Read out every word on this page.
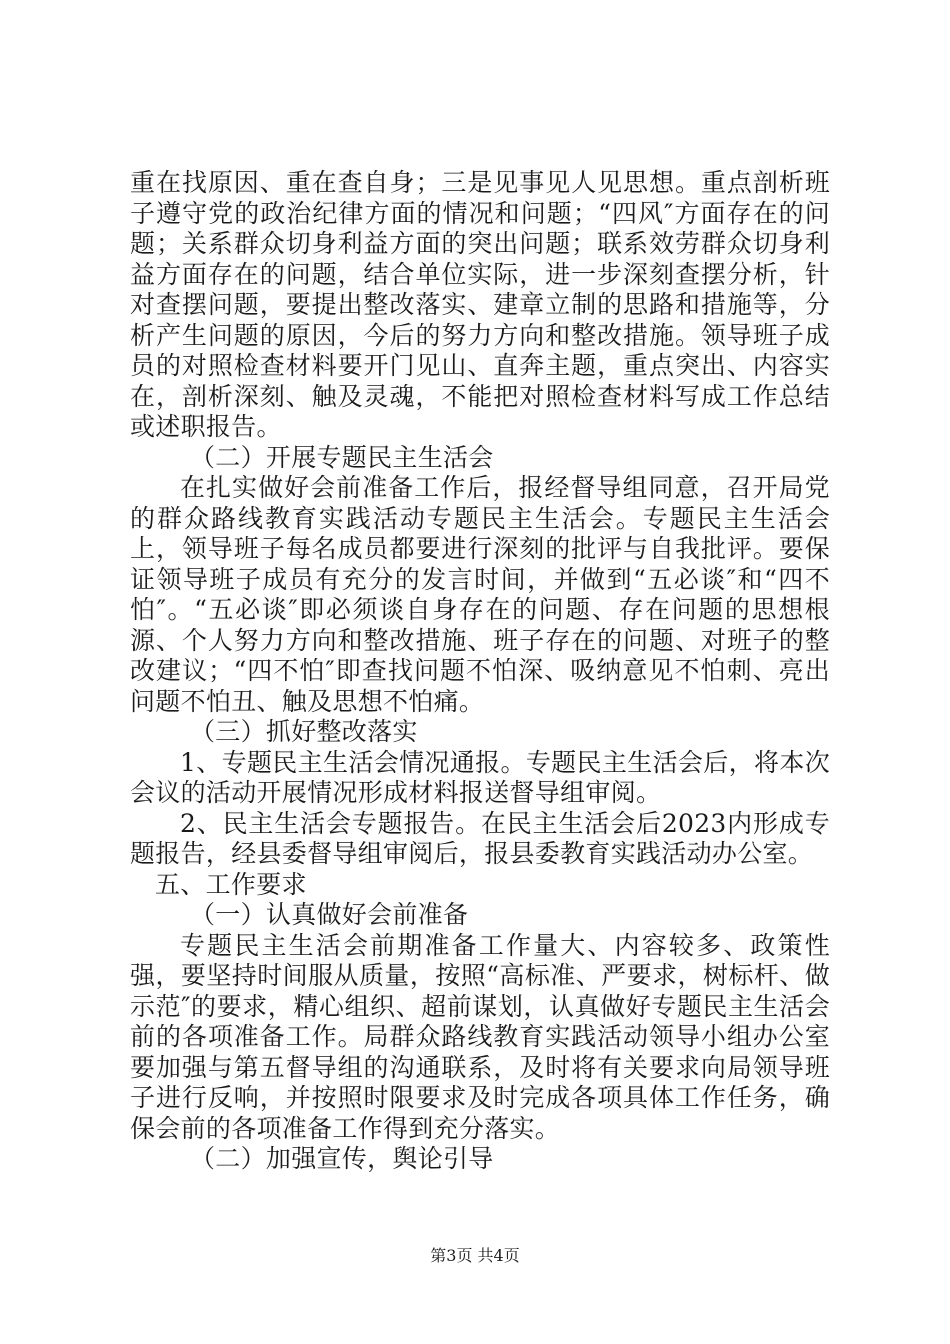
重在找原因、重在查自身；三是见事见人见思想。重点剖析班子遵守党的政治纪律方面的情况和问题；“四风″方面存在的问题；关系群众切身利益方面的突出问题；联系效劳群众切身利益方面存在的问题，结合单位实际，进一步深刻查摆分析，针对查摆问题，要提出整改落实、建章立制的思路和措施等，分析产生问题的原因，今后的努力方向和整改措施。领导班子成员的对照检查材料要开门见山、直奔主题，重点突出、内容实在，剖析深刻、触及灵魂，不能把对照检查材料写成工作总结或述职报告。

（二）开展专题民主生活会

在扎实做好会前准备工作后，报经督导组同意，召开局党的群众路线教育实践活动专题民主生活会。专题民主生活会上，领导班子每名成员都要进行深刻的批评与自我批评。要保证领导班子成员有充分的发言时间，并做到“五必谈″和“四不怕″。“五必谈″即必须谈自身存在的问题、存在问题的思想根源、个人努力方向和整改措施、班子存在的问题、对班子的整改建议；“四不怕″即查找问题不怕深、吸纳意见不怕刺、亮出问题不怕丑、触及思想不怕痛。

（三）抓好整改落实

1、专题民主生活会情况通报。专题民主生活会后，将本次会议的活动开展情况形成材料报送督导组审阅。

2、民主生活会专题报告。在民主生活会后2023内形成专题报告，经县委督导组审阅后，报县委教育实践活动办公室。

五、工作要求

（一）认真做好会前准备

专题民主生活会前期准备工作量大、内容较多、政策性强，要坚持时间服从质量，按照“高标准、严要求，树标杆、做示范″的要求，精心组织、超前谋划，认真做好专题民主生活会前的各项准备工作。局群众路线教育实践活动领导小组办公室要加强与第五督导组的沟通联系，及时将有关要求向局领导班子进行反响，并按照时限要求及时完成各项具体工作任务，确保会前的各项准备工作得到充分落实。

（二）加强宣传，舆论引导

第3页 共4页
